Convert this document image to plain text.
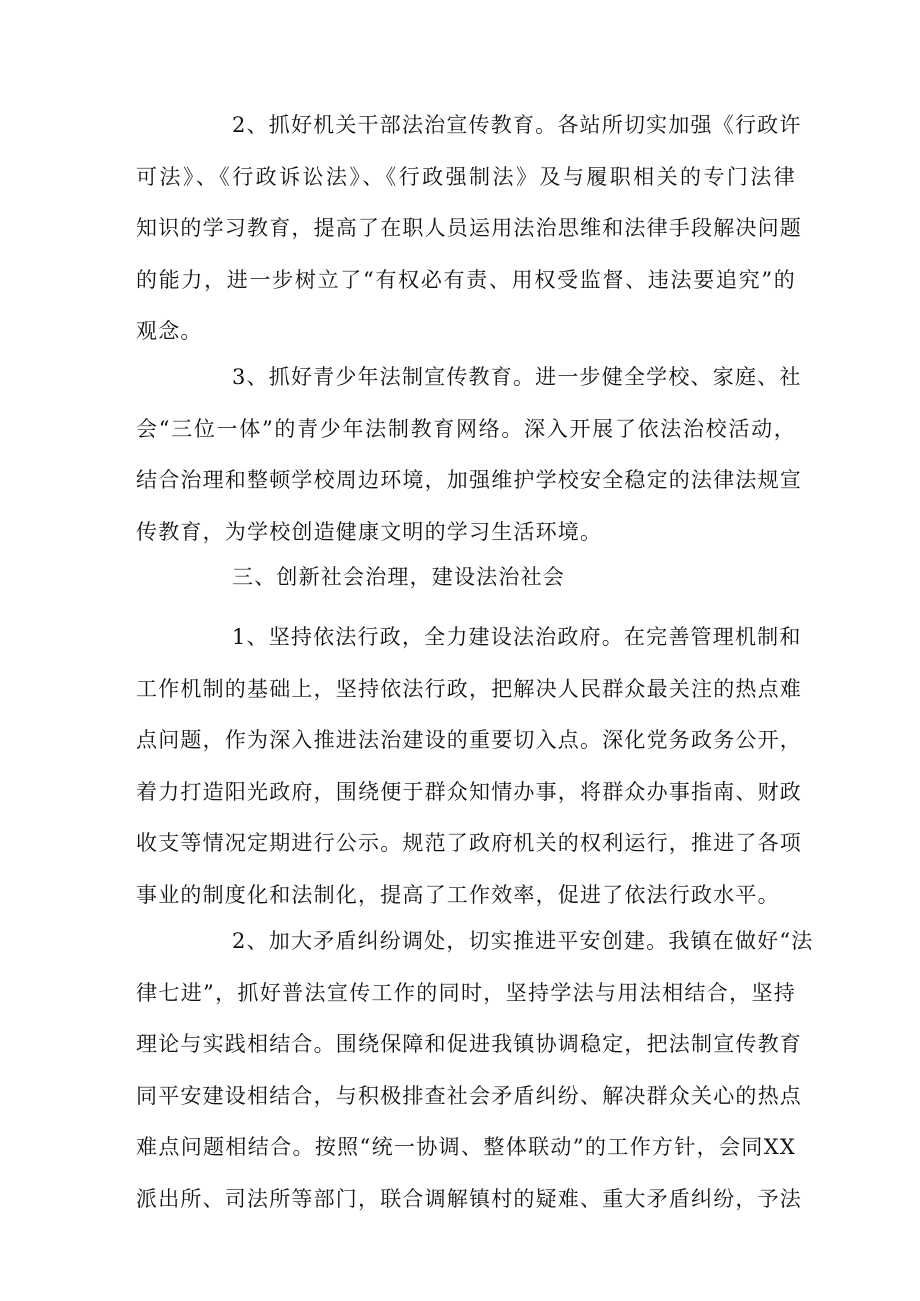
2、抓好机关干部法治宣传教育。各站所切实加强《行政许
可法》、《行政诉讼法》、《行政强制法》及与履职相关的专门法律
知识的学习教育，提高了在职人员运用法治思维和法律手段解决问题
的能力，进一步树立了“有权必有责、用权受监督、违法要追究”的
观念。

3、抓好青少年法制宣传教育。进一步健全学校、家庭、社
会“三位一体”的青少年法制教育网络。深入开展了依法治校活动，
结合治理和整顿学校周边环境，加强维护学校安全稳定的法律法规宣
传教育，为学校创造健康文明的学习生活环境。

三、创新社会治理，建设法治社会

1、坚持依法行政，全力建设法治政府。在完善管理机制和
工作机制的基础上，坚持依法行政，把解决人民群众最关注的热点难
点问题，作为深入推进法治建设的重要切入点。深化党务政务公开，
着力打造阳光政府，围绕便于群众知情办事，将群众办事指南、财政
收支等情况定期进行公示。规范了政府机关的权利运行，推进了各项
事业的制度化和法制化，提高了工作效率，促进了依法行政水平。

2、加大矛盾纠纷调处，切实推进平安创建。我镇在做好“法
律七进”，抓好普法宣传工作的同时，坚持学法与用法相结合，坚持
理论与实践相结合。围绕保障和促进我镇协调稳定，把法制宣传教育
同平安建设相结合，与积极排查社会矛盾纠纷、解决群众关心的热点
难点问题相结合。按照“统一协调、整体联动”的工作方针，会同XX
派出所、司法所等部门，联合调解镇村的疑难、重大矛盾纠纷，予法
